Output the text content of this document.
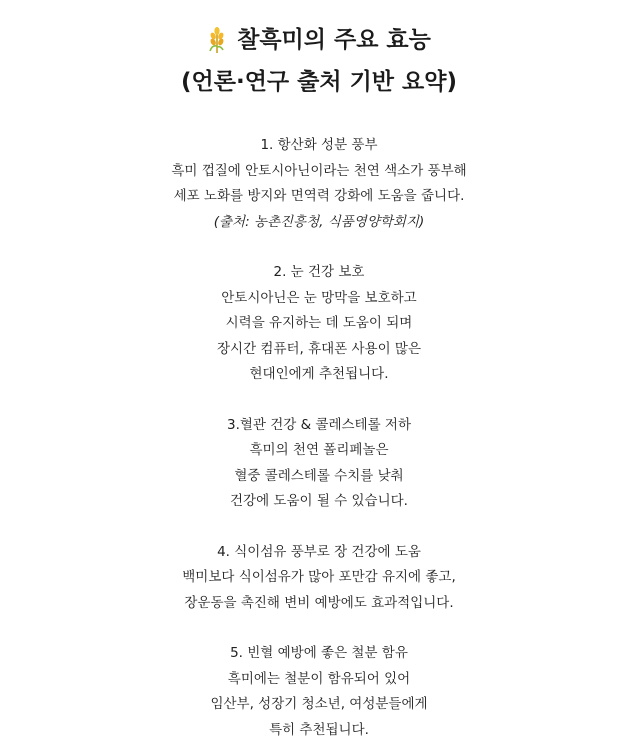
찰흑미의 주요 효능
(언론·연구 출처 기반 요약)
1. 항산화 성분 풍부
흑미 껍질에 안토시아닌이라는 천연 색소가 풍부해
세포 노화를 방지와 면역력 강화에 도움을 줍니다.
(출처: 농촌진흥청, 식품영양학회지)
2. 눈 건강 보호
안토시아닌은 눈 망막을 보호하고
시력을 유지하는 데 도움이 되며
장시간 컴퓨터, 휴대폰 사용이 많은
현대인에게 추천됩니다.
3.혈관 건강 & 콜레스테롤 저하
흑미의 천연 폴리페놀은
혈중 콜레스테롤 수치를 낮춰
건강에 도움이 될 수 있습니다.
4. 식이섬유 풍부로 장 건강에 도움
백미보다 식이섬유가 많아 포만감 유지에 좋고,
장운동을 촉진해 변비 예방에도 효과적입니다.
5. 빈혈 예방에 좋은 철분 함유
흑미에는 철분이 함유되어 있어
임산부, 성장기 청소년, 여성분들에게
특히 추천됩니다.
